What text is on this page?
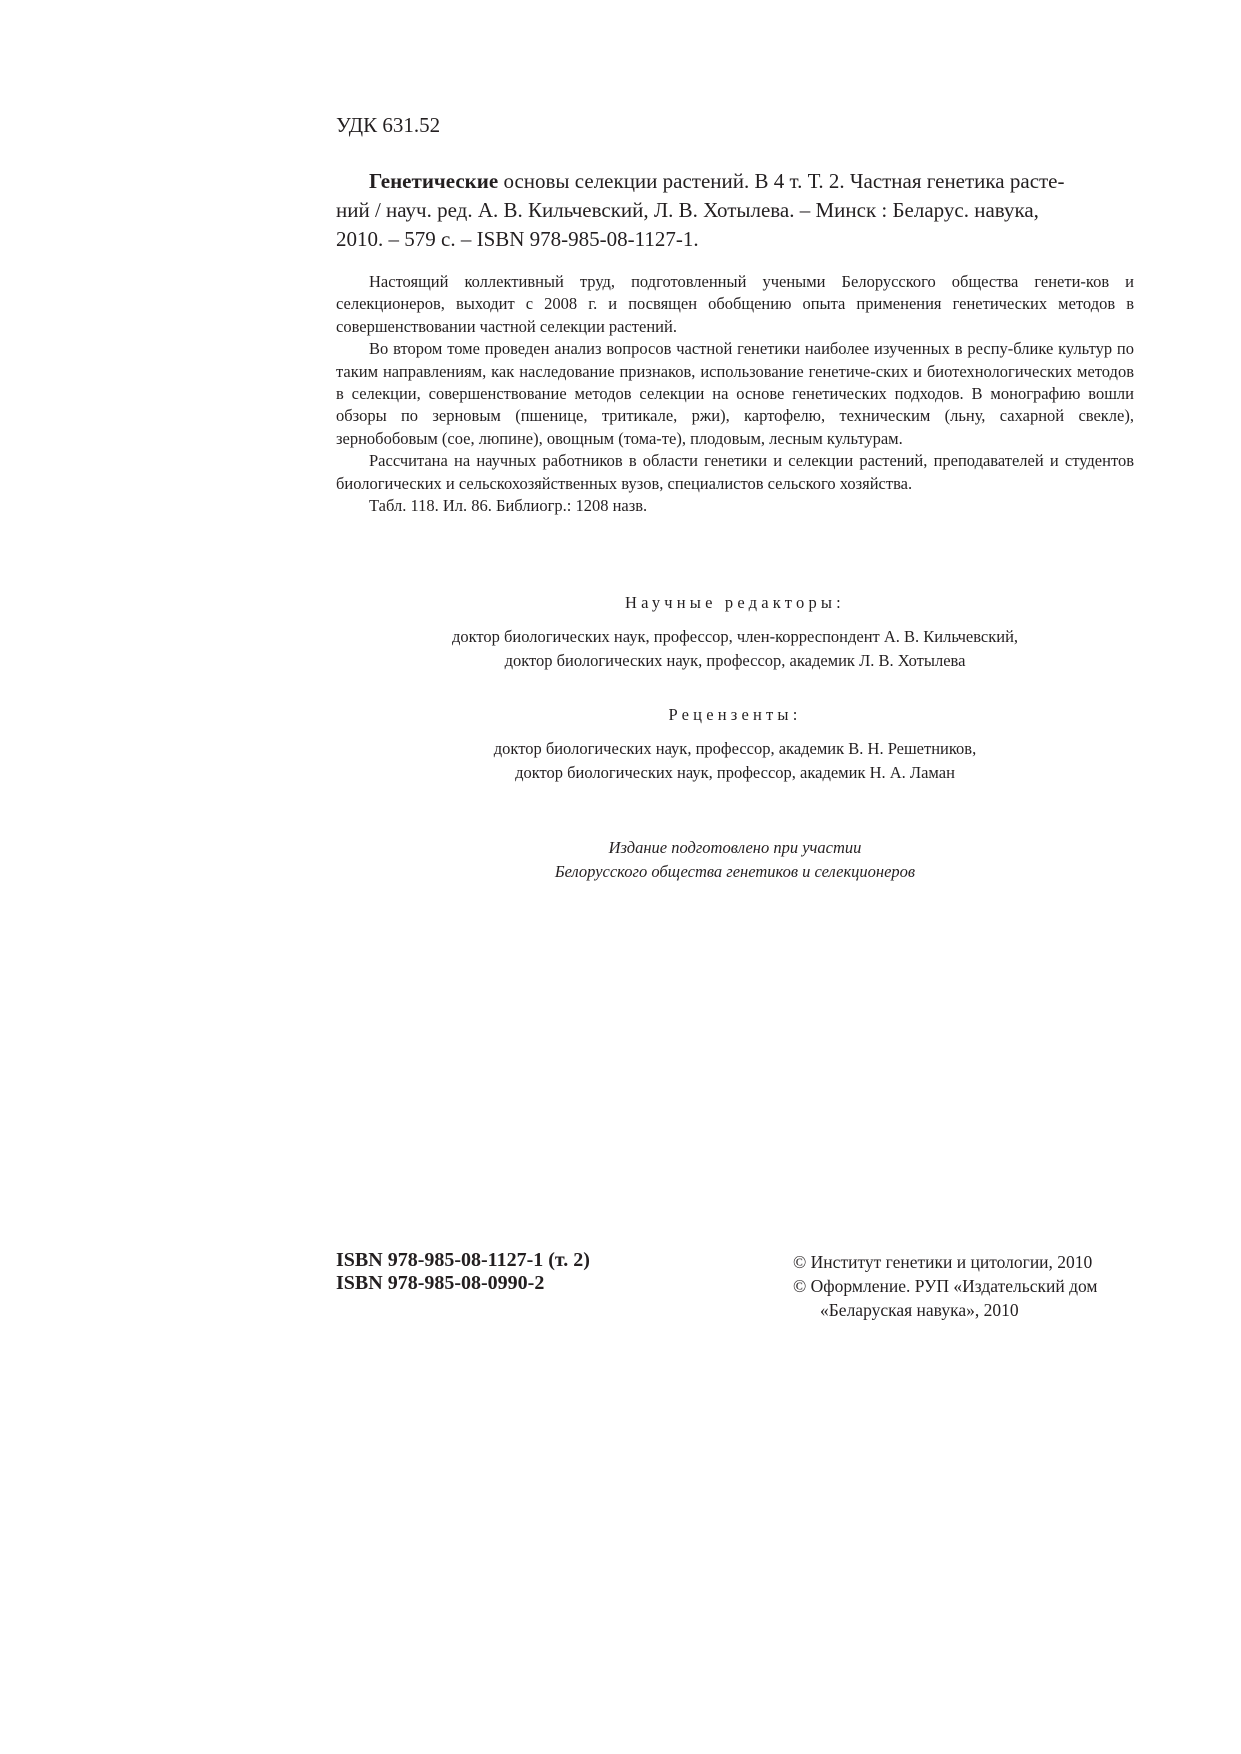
УДК 631.52

Генетические основы селекции растений. В 4 т. Т. 2. Частная генетика расте-

ний / науч. ред. А. В. Кильчевский, Л. В. Хотылева. – Минск : Беларус. навука,

2010. – 579 с. – ISBN 978-985-08-1127-1.

Настоящий коллективный труд, подготовленный учеными Белорусского общества генети-ков и селекционеров, выходит с 2008 г. и посвящен обобщению опыта применения генетических методов в совершенствовании частной селекции растений.

Во втором томе проведен анализ вопросов частной генетики наиболее изученных в респу-блике культур по таким направлениям, как наследование признаков, использование генетиче-ских и биотехнологических методов в селекции, совершенствование методов селекции на основе генетических подходов. В монографию вошли обзоры по зерновым (пшенице, тритикале, ржи), картофелю, техническим (льну, сахарной свекле), зернобобовым (сое, люпине), овощным (тома-те), плодовым, лесным культурам.

Рассчитана на научных работников в области генетики и селекции растений, преподавателей и студентов биологических и сельскохозяйственных вузов, специалистов сельского хозяйства.

Табл. 118. Ил. 86. Библиогр.: 1208 назв.

Научные редакторы:
доктор биологических наук, профессор, член-корреспондент А. В. Кильчевский,
доктор биологических наук, профессор, академик Л. В. Хотылева
Рецензенты:
доктор биологических наук, профессор, академик В. Н. Решетников,
доктор биологических наук, профессор, академик Н. А. Ламан
Издание подготовлено при участии
Белорусского общества генетиков и селекционеров
ISBN 978-985-08-1127-1 (т. 2)
ISBN 978-985-08-0990-2
© Институт генетики и цитологии, 2010
© Оформление. РУП «Издательский дом
«Беларуская навука», 2010
